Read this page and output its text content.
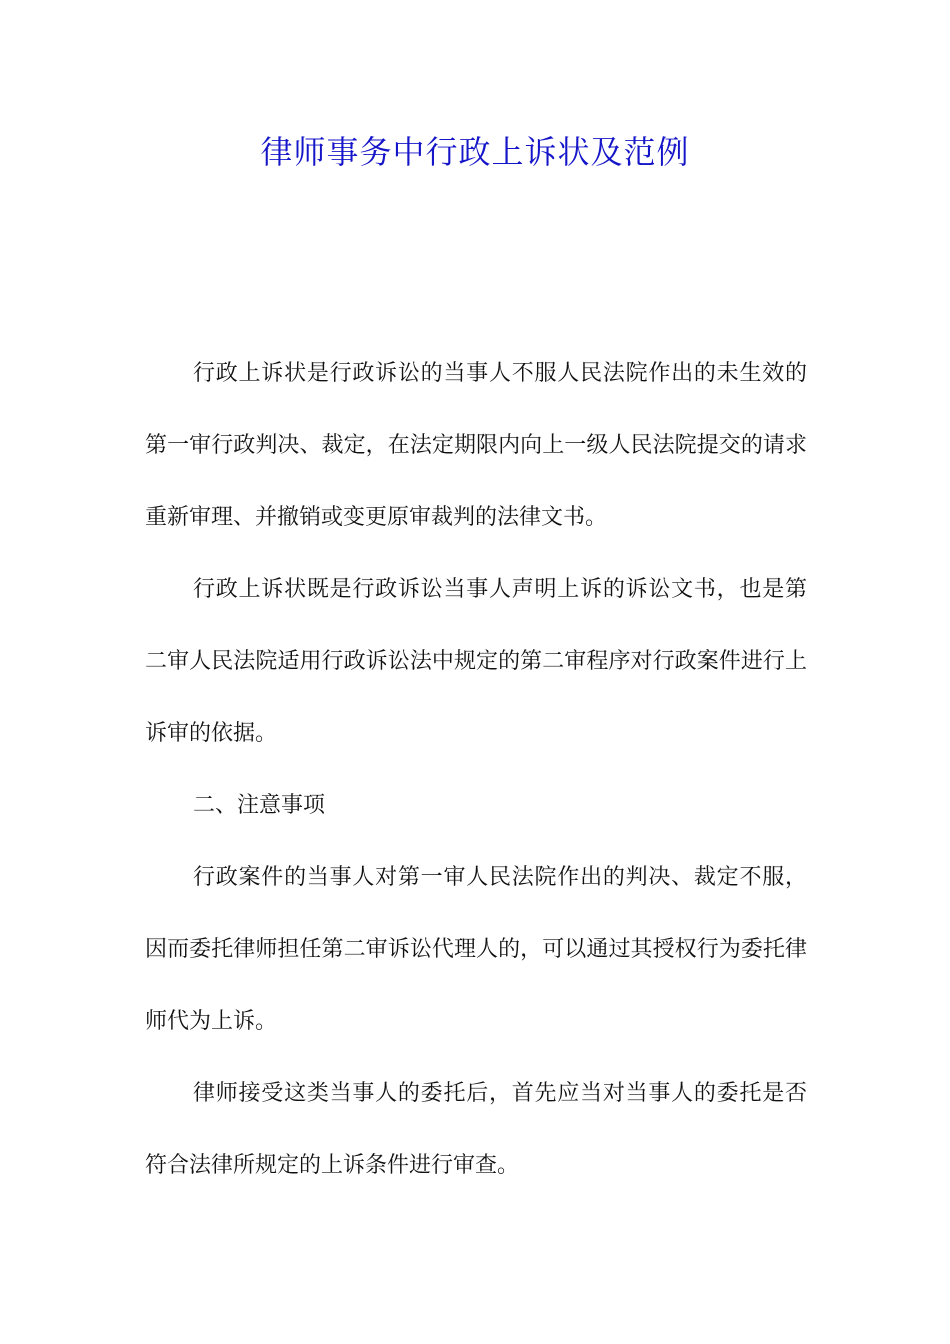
律师事务中行政上诉状及范例

行政上诉状是行政诉讼的当事人不服人民法院作出的未生效的第一审行政判决、裁定，在法定期限内向上一级人民法院提交的请求重新审理、并撤销或变更原审裁判的法律文书。

行政上诉状既是行政诉讼当事人声明上诉的诉讼文书，也是第二审人民法院适用行政诉讼法中规定的第二审程序对行政案件进行上诉审的依据。

二、注意事项

行政案件的当事人对第一审人民法院作出的判决、裁定不服，因而委托律师担任第二审诉讼代理人的，可以通过其授权行为委托律师代为上诉。

律师接受这类当事人的委托后，首先应当对当事人的委托是否符合法律所规定的上诉条件进行审查。
